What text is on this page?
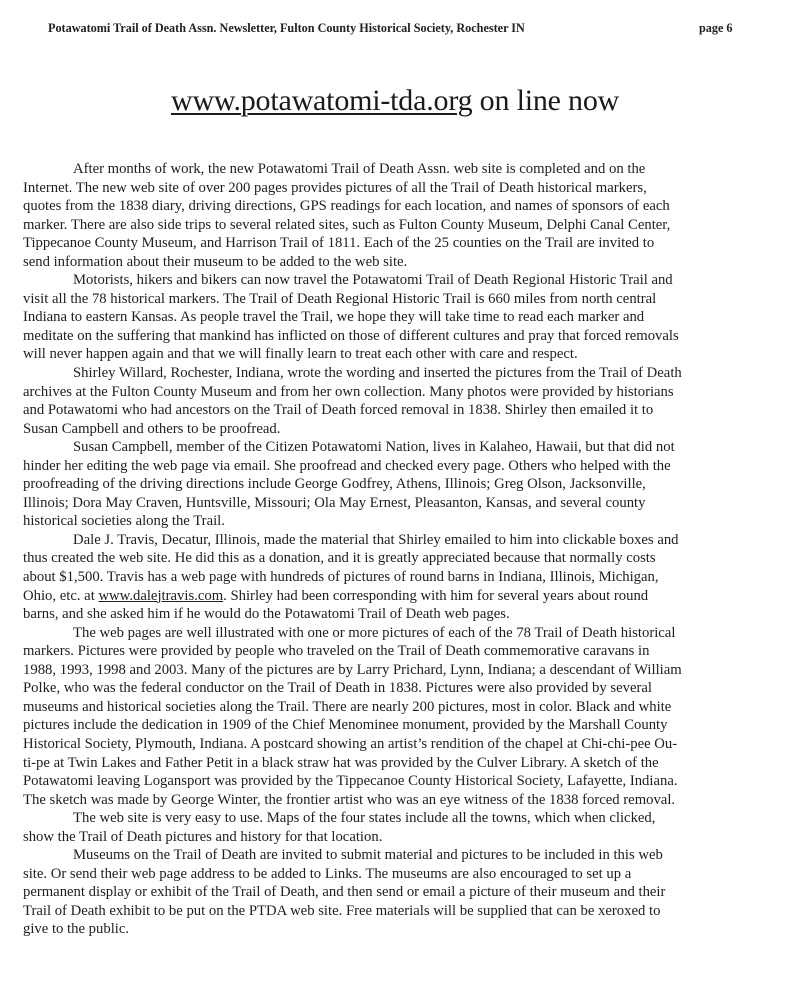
Potawatomi Trail of Death Assn. Newsletter, Fulton County Historical Society, Rochester IN	page 6
www.potawatomi-tda.org on line now

After months of work, the new Potawatomi Trail of Death Assn. web site is completed and on the
Internet. The new web site of over 200 pages provides pictures of all the Trail of Death historical markers,
quotes from the 1838 diary, driving directions, GPS readings for each location, and names of sponsors of each
marker. There are also side trips to several related sites, such as Fulton County Museum, Delphi Canal Center,
Tippecanoe County Museum, and Harrison Trail of 1811. Each of the 25 counties on the Trail are invited to
send information about their museum to be added to the web site.

Motorists, hikers and bikers can now travel the Potawatomi Trail of Death Regional Historic Trail and
visit all the 78 historical markers. The Trail of Death Regional Historic Trail is 660 miles from north central
Indiana to eastern Kansas. As people travel the Trail, we hope they will take time to read each marker and
meditate on the suffering that mankind has inflicted on those of different cultures and pray that forced removals
will never happen again and that we will finally learn to treat each other with care and respect.

Shirley Willard, Rochester, Indiana, wrote the wording and inserted the pictures from the Trail of Death
archives at the Fulton County Museum and from her own collection. Many photos were provided by historians
and Potawatomi who had ancestors on the Trail of Death forced removal in 1838. Shirley then emailed it to
Susan Campbell and others to be proofread.

Susan Campbell, member of the Citizen Potawatomi Nation, lives in Kalaheo, Hawaii, but that did not
hinder her editing the web page via email. She proofread and checked every page. Others who helped with the
proofreading of the driving directions include George Godfrey, Athens, Illinois; Greg Olson, Jacksonville,
Illinois; Dora May Craven, Huntsville, Missouri; Ola May Ernest, Pleasanton, Kansas, and several county
historical societies along the Trail.

Dale J. Travis, Decatur, Illinois, made the material that Shirley emailed to him into clickable boxes and
thus created the web site. He did this as a donation, and it is greatly appreciated because that normally costs
about $1,500. Travis has a web page with hundreds of pictures of round barns in Indiana, Illinois, Michigan,
Ohio, etc. at www.dalejtravis.com. Shirley had been corresponding with him for several years about round
barns, and she asked him if he would do the Potawatomi Trail of Death web pages.

The web pages are well illustrated with one or more pictures of each of the 78 Trail of Death historical
markers. Pictures were provided by people who traveled on the Trail of Death commemorative caravans in
1988, 1993, 1998 and 2003. Many of the pictures are by Larry Prichard, Lynn, Indiana; a descendant of William
Polke, who was the federal conductor on the Trail of Death in 1838. Pictures were also provided by several
museums and historical societies along the Trail. There are nearly 200 pictures, most in color. Black and white
pictures include the dedication in 1909 of the Chief Menominee monument, provided by the Marshall County
Historical Society, Plymouth, Indiana. A postcard showing an artist’s rendition of the chapel at Chi-chi-pee Ou-
ti-pe at Twin Lakes and Father Petit in a black straw hat was provided by the Culver Library. A sketch of the
Potawatomi leaving Logansport was provided by the Tippecanoe County Historical Society, Lafayette, Indiana.
The sketch was made by George Winter, the frontier artist who was an eye witness of the 1838 forced removal.

The web site is very easy to use. Maps of the four states include all the towns, which when clicked,
show the Trail of Death pictures and history for that location.

Museums on the Trail of Death are invited to submit material and pictures to be included in this web
site. Or send their web page address to be added to Links. The museums are also encouraged to set up a
permanent display or exhibit of the Trail of Death, and then send or email a picture of their museum and their
Trail of Death exhibit to be put on the PTDA web site. Free materials will be supplied that can be xeroxed to
give to the public.
